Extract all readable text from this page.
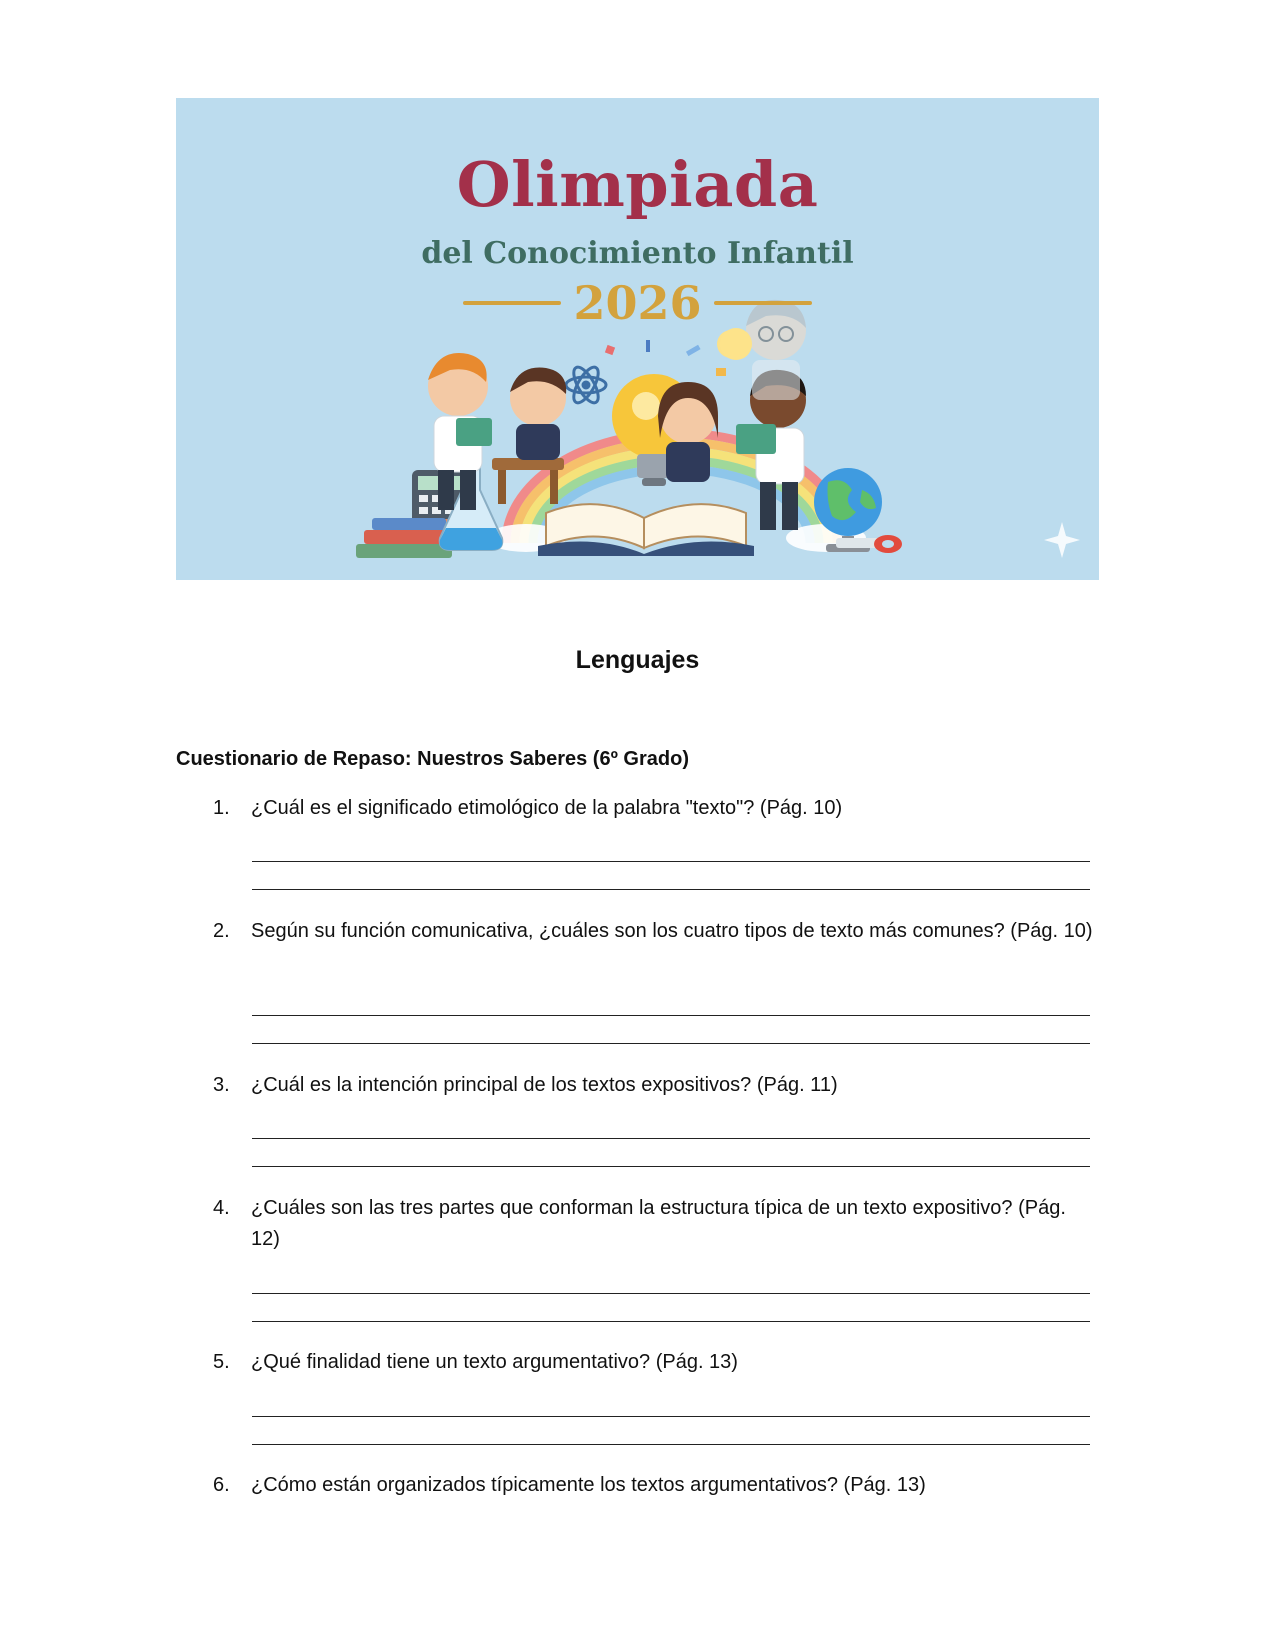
Olimpiada
del Conocimiento Infantil
2026
Lenguajes
Cuestionario de Repaso: Nuestros Saberes (6º Grado)
1.	¿Cuál es el significado etimológico de la palabra "texto"? (Pág. 10)
2.	Según su función comunicativa, ¿cuáles son los cuatro tipos de texto más comunes? (Pág. 10)
3.	¿Cuál es la intención principal de los textos expositivos? (Pág. 11)
4.	¿Cuáles son las tres partes que conforman la estructura típica de un texto expositivo? (Pág. 12)
5.	¿Qué finalidad tiene un texto argumentativo? (Pág. 13)
6.	¿Cómo están organizados típicamente los textos argumentativos? (Pág. 13)
